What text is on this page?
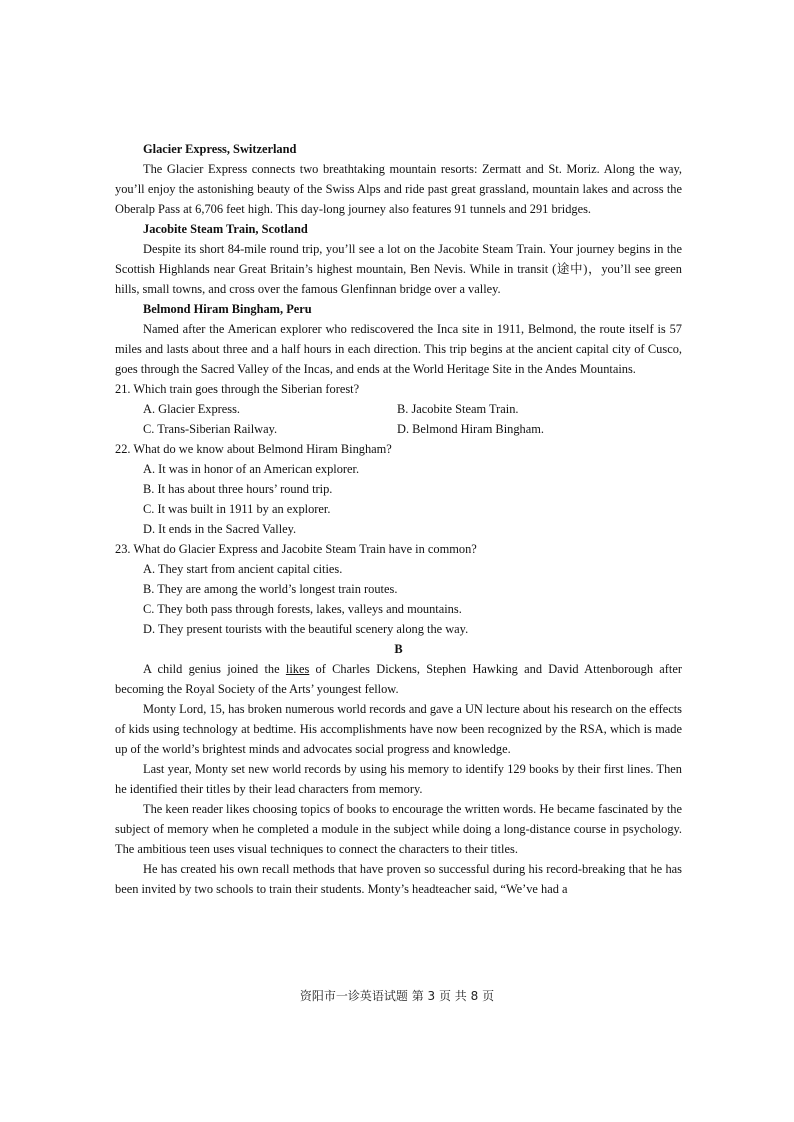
Glacier Express, Switzerland

The Glacier Express connects two breathtaking mountain resorts: Zermatt and St. Moriz. Along the way, you’ll enjoy the astonishing beauty of the Swiss Alps and ride past great grassland, mountain lakes and across the Oberalp Pass at 6,706 feet high. This day-long journey also features 91 tunnels and 291 bridges.

Jacobite Steam Train, Scotland

Despite its short 84-mile round trip, you’ll see a lot on the Jacobite Steam Train. Your journey begins in the Scottish Highlands near Great Britain’s highest mountain, Ben Nevis. While in transit (途中)，you’ll see green hills, small towns, and cross over the famous Glenfinnan bridge over a valley.

Belmond Hiram Bingham, Peru

Named after the American explorer who rediscovered the Inca site in 1911, Belmond, the route itself is 57 miles and lasts about three and a half hours in each direction. This trip begins at the ancient capital city of Cusco, goes through the Sacred Valley of the Incas, and ends at the World Heritage Site in the Andes Mountains.

21. Which train goes through the Siberian forest?

A. Glacier Express.	B. Jacobite Steam Train.
C. Trans-Siberian Railway.	D. Belmond Hiram Bingham.

22. What do we know about Belmond Hiram Bingham?

A. It was in honor of an American explorer.

B. It has about three hours’ round trip.

C. It was built in 1911 by an explorer.

D. It ends in the Sacred Valley.

23. What do Glacier Express and Jacobite Steam Train have in common?

A. They start from ancient capital cities.

B. They are among the world’s longest train routes.

C. They both pass through forests, lakes, valleys and mountains.

D. They present tourists with the beautiful scenery along the way.

B

A child genius joined the likes of Charles Dickens, Stephen Hawking and David Attenborough after becoming the Royal Society of the Arts’ youngest fellow.

Monty Lord, 15, has broken numerous world records and gave a UN lecture about his research on the effects of kids using technology at bedtime. His accomplishments have now been recognized by the RSA, which is made up of the world’s brightest minds and advocates social progress and knowledge.

Last year, Monty set new world records by using his memory to identify 129 books by their first lines. Then he identified their titles by their lead characters from memory.

The keen reader likes choosing topics of books to encourage the written words. He became fascinated by the subject of memory when he completed a module in the subject while doing a long-distance course in psychology. The ambitious teen uses visual techniques to connect the characters to their titles.

He has created his own recall methods that have proven so successful during his record-breaking that he has been invited by two schools to train their students. Monty’s headteacher said, “We’ve had a

资阳市一诊英语试题 第 3 页 共 8 页
